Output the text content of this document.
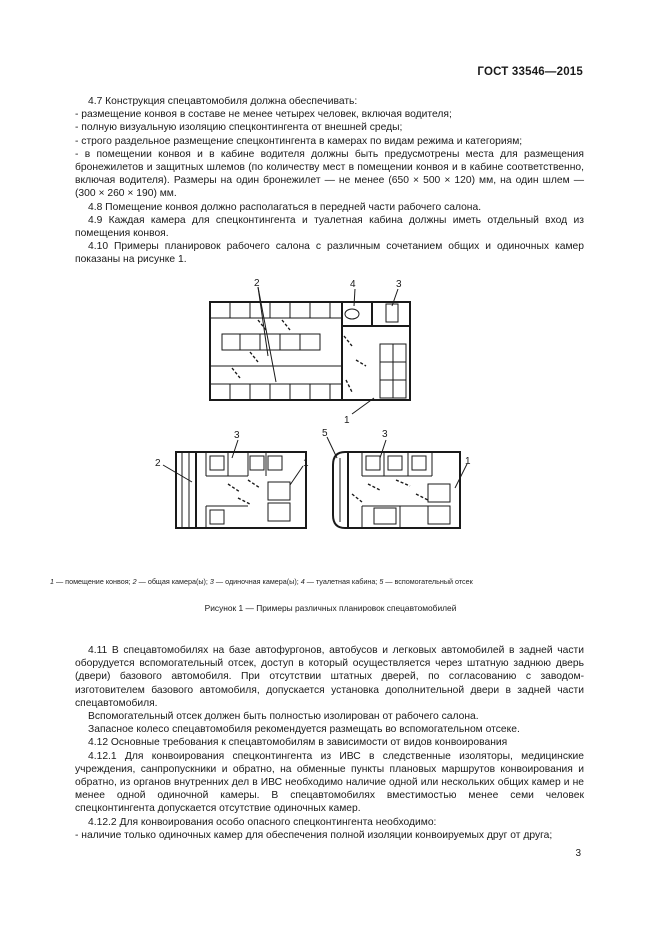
ГОСТ 33546—2015

4.7 Конструкция спецавтомобиля должна обеспечивать:

- размещение конвоя в составе не менее четырех человек, включая водителя;

- полную визуальную изоляцию спецконтингента от внешней среды;

- строго раздельное размещение спецконтингента в камерах по видам режима и категориям;

- в помещении конвоя и в кабине водителя должны быть предусмотрены места для размещения бронежилетов и защитных шлемов (по количеству мест в помещении конвоя и в кабине соответственно, включая водителя). Размеры на один бронежилет — не менее (650 × 500 × 120) мм, на один шлем — (300 × 260 × 190) мм.

4.8 Помещение конвоя должно располагаться в передней части рабочего салона.

4.9 Каждая камера для спецконтингента и туалетная кабина должны иметь отдельный вход из помещения конвоя.

4.10 Примеры планировок рабочего салона с различным сочетанием общих и одиночных камер показаны на рисунке 1.

2	4	3
1
3
2	1
5	3
1
1 — помещение конвоя; 2 — общая камера(ы); 3 — одиночная камера(ы); 4 — туалетная кабина; 5 — вспомогательный отсек
Рисунок 1 — Примеры различных планировок спецавтомобилей

4.11 В спецавтомобилях на базе автофургонов, автобусов и легковых автомобилей в задней части оборудуется вспомогательный отсек, доступ в который осуществляется через штатную заднюю дверь (двери) базового автомобиля. При отсутствии штатных дверей, по согласованию с заводом-изготовителем базового автомобиля, допускается установка дополнительной двери в задней части спецавтомобиля.

Вспомогательный отсек должен быть полностью изолирован от рабочего салона.

Запасное колесо спецавтомобиля рекомендуется размещать во вспомогательном отсеке.

4.12 Основные требования к спецавтомобилям в зависимости от видов конвоирования

4.12.1 Для конвоирования спецконтингента из ИВС в следственные изоляторы, медицинские учреждения, санпропускники и обратно, на обменные пункты плановых маршрутов конвоирования и обратно, из органов внутренних дел в ИВС необходимо наличие одной или нескольких общих камер и не менее одной одиночной камеры. В спецавтомобилях вместимостью менее семи человек спецконтингента допускается отсутствие одиночных камер.

4.12.2 Для конвоирования особо опасного спецконтингента необходимо:

- наличие только одиночных камер для обеспечения полной изоляции конвоируемых друг от друга;

3
